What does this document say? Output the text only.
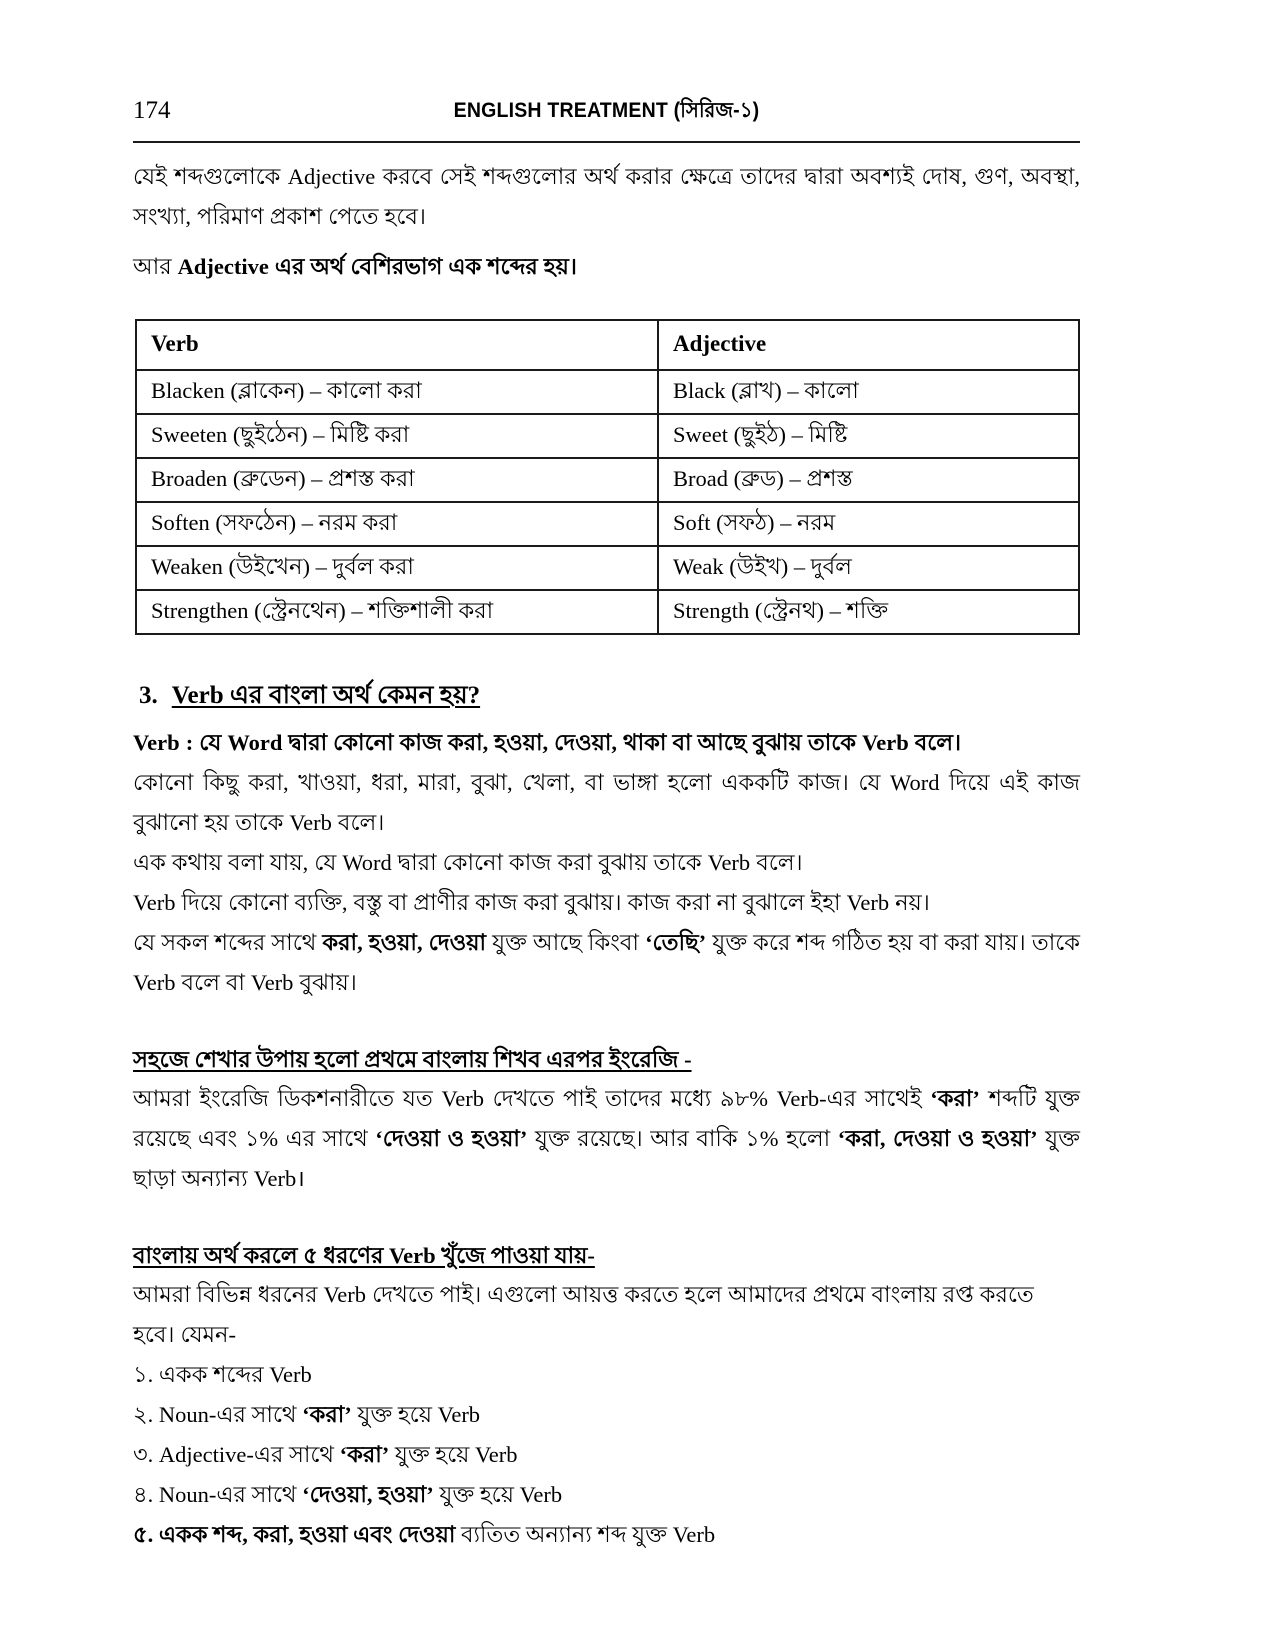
174	ENGLISH TREATMENT (সিরিজ-১)

যেই শব্দগুলোকে Adjective করবে সেই শব্দগুলোর অর্থ করার ক্ষেত্রে তাদের দ্বারা অবশ্যই দোষ, গুণ, অবস্থা, সংখ্যা, পরিমাণ প্রকাশ পেতে হবে।

আর Adjective এর অর্থ বেশিরভাগ এক শব্দের হয়।

Verb	Adjective
Blacken (ব্লাকেন) – কালো করা	Black (ব্লাখ) – কালো
Sweeten (ছুইঠেন) – মিষ্টি করা	Sweet (ছুইঠ) – মিষ্টি
Broaden (ব্রুডেন) – প্রশস্ত করা	Broad (ব্রুড) – প্রশস্ত
Soften (সফঠেন) – নরম করা	Soft (সফঠ) – নরম
Weaken (উইখেন) – দুর্বল করা	Weak (উইখ) – দুর্বল
Strengthen (স্ট্রেনথেন) – শক্তিশালী করা	Strength (স্ট্রেনথ) – শক্তি
3. Verb এর বাংলা অর্থ কেমন হয়?

Verb : যে Word দ্বারা কোনো কাজ করা, হওয়া, দেওয়া, থাকা বা আছে বুঝায় তাকে Verb বলে।

কোনো কিছু করা, খাওয়া, ধরা, মারা, বুঝা, খেলা, বা ভাঙ্গা হলো এককটি কাজ। যে Word দিয়ে এই কাজ বুঝানো হয় তাকে Verb বলে।

এক কথায় বলা যায়, যে Word দ্বারা কোনো কাজ করা বুঝায় তাকে Verb বলে।

Verb দিয়ে কোনো ব্যক্তি, বস্তু বা প্রাণীর কাজ করা বুঝায়। কাজ করা না বুঝালে ইহা Verb নয়।

যে সকল শব্দের সাথে করা, হওয়া, দেওয়া যুক্ত আছে কিংবা ‘তেছি’ যুক্ত করে শব্দ গঠিত হয় বা করা যায়। তাকে Verb বলে বা Verb বুঝায়।

সহজে শেখার উপায় হলো প্রথমে বাংলায় শিখব এরপর ইংরেজি -

আমরা ইংরেজি ডিকশনারীতে যত Verb দেখতে পাই তাদের মধ্যে ৯৮% Verb-এর সাথেই ‘করা’ শব্দটি যুক্ত রয়েছে এবং ১% এর সাথে ‘দেওয়া ও হওয়া’ যুক্ত রয়েছে। আর বাকি ১% হলো ‘করা, দেওয়া ও হওয়া’ যুক্ত ছাড়া অন্যান্য Verb।

বাংলায় অর্থ করলে ৫ ধরণের Verb খুঁজে পাওয়া যায়-

আমরা বিভিন্ন ধরনের Verb দেখতে পাই। এগুলো আয়ত্ত করতে হলে আমাদের প্রথমে বাংলায় রপ্ত করতে হবে। যেমন-

১. একক শব্দের Verb
২. Noun-এর সাথে ‘করা’ যুক্ত হয়ে Verb
৩. Adjective-এর সাথে ‘করা’ যুক্ত হয়ে Verb
৪. Noun-এর সাথে ‘দেওয়া, হওয়া’ যুক্ত হয়ে Verb
৫. একক শব্দ, করা, হওয়া এবং দেওয়া ব্যতিত অন্যান্য শব্দ যুক্ত Verb
